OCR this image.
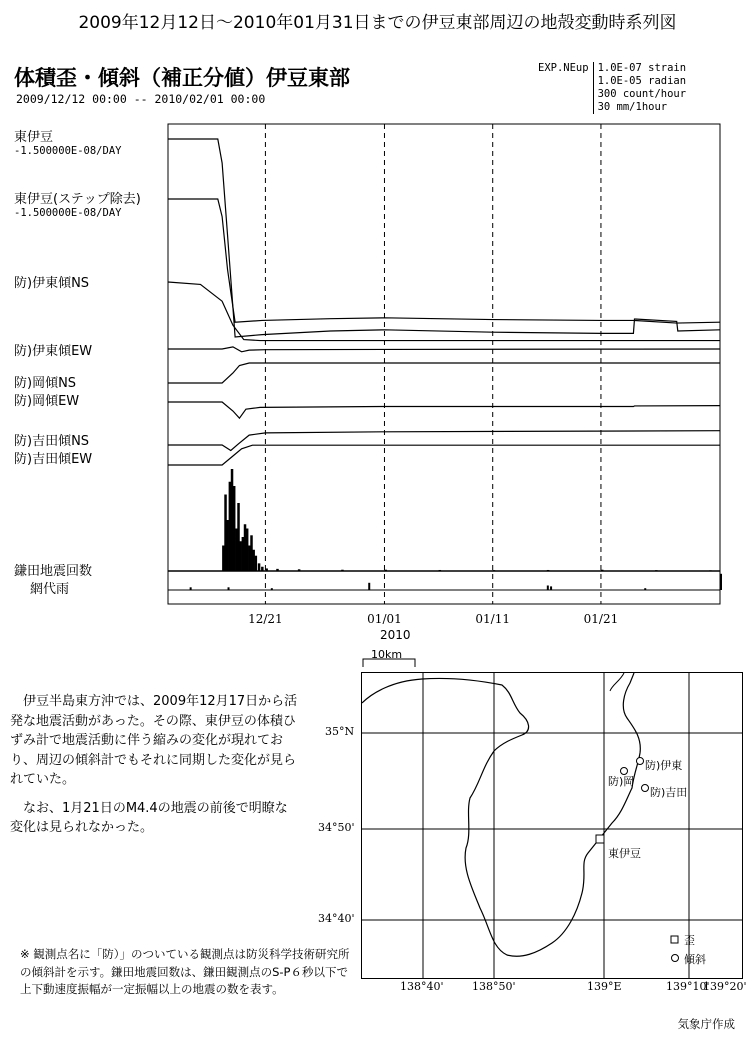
2009年12月12日～2010年01月31日までの伊豆東部周辺の地殻変動時系列図
体積歪・傾斜（補正分値）伊豆東部
2009/12/12 00:00 -- 2010/02/01 00:00
EXP.NEup 1.0E-07 strain
1.0E-05 radian
300 count/hour
30 mm/1hour
東伊豆
-1.500000E-08/DAY
東伊豆(ステップ除去)
-1.500000E-08/DAY
防)伊東傾NS
防)伊東傾EW
防)岡傾NS
防)岡傾EW
防)吉田傾NS
防)吉田傾EW
鎌田地震回数
網代雨
12/21	01/01	01/11	01/21
2010

伊豆半島東方沖では、2009年12月17日から活発な地震活動があった。その際、東伊豆の体積ひずみ計で地震活動に伴う縮みの変化が現れており、周辺の傾斜計でもそれに同期した変化が見られていた。

なお、1月21日のM4.4の地震の前後で明瞭な変化は見られなかった。

※ 観測点名に「防）」のついている観測点は防災科学技術研究所の傾斜計を示す。鎌田地震回数は、鎌田観測点のS-P６秒以下で上下動速度振幅が一定振幅以上の地震の数を表す。
10km
防)伊東
防)岡
防)吉田
東伊豆
歪
傾斜
35°N
34°50'
34°40'
138°40'	138°50'	139°E	139°10'
139°20'
気象庁作成
